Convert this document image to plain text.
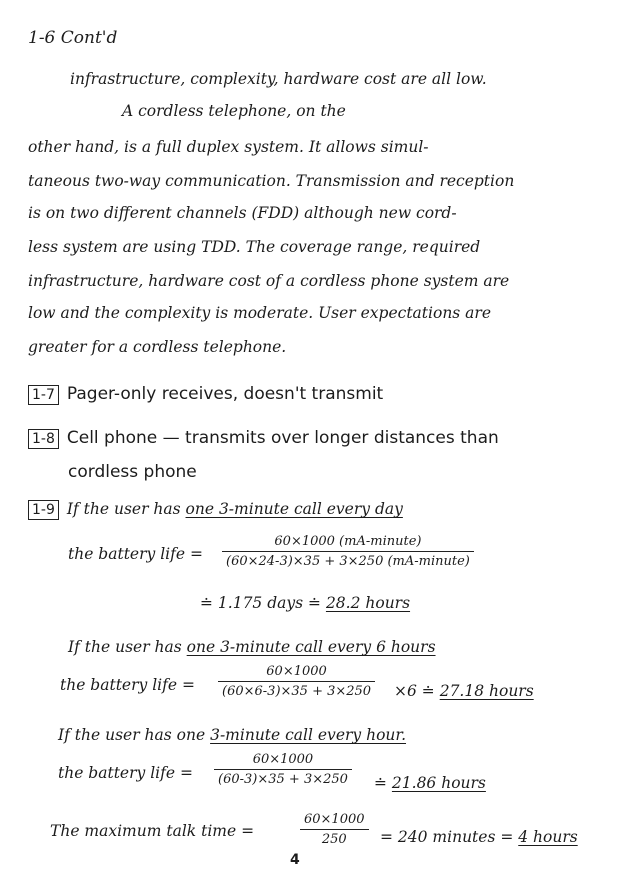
1-6 Cont'd
infrastructure, complexity, hardware cost are all low.
A cordless telephone, on the
other hand, is a full duplex system. It allows simul-
taneous two-way communication. Transmission and reception
is on two different channels (FDD) although new cord-
less system are using TDD. The coverage range, required
infrastructure, hardware cost of a cordless phone system are
low and the complexity is moderate. User expectations are
greater for a cordless telephone.
1-7 Pager-only receives, doesn't transmit
1-8 Cell phone — transmits over longer distances than
cordless phone
1-9 If the user has one 3-minute call every day
the battery life =
60×1000 (mA-minute)
(60×24-3)×35 + 3×250 (mA-minute)
≐ 1.175 days ≐ 28.2 hours
If the user has one 3-minute call every 6 hours
the battery life =
60×1000
(60×6-3)×35 + 3×250 ×6 ≐ 27.18 hours
If the user has one 3-minute call every hour.
the battery life =
60×1000
(60-3)×35 + 3×250 ≐ 21.86 hours
The maximum talk time =
60×1000
250 = 240 minutes = 4 hours
4
